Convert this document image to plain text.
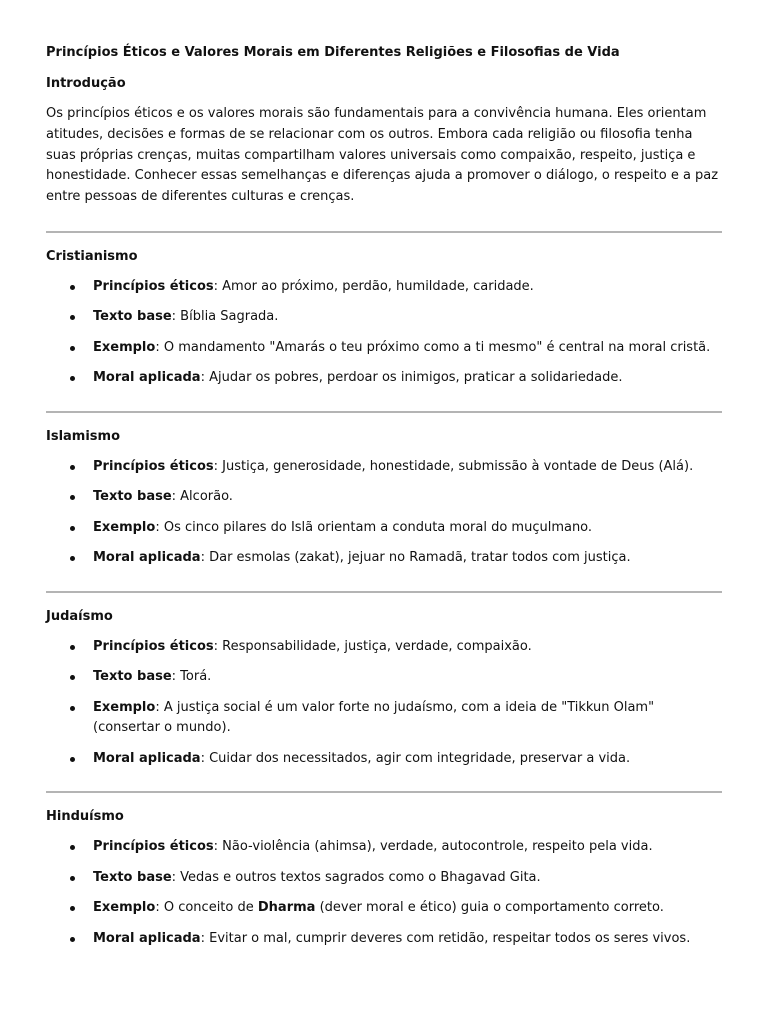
Princípios Éticos e Valores Morais em Diferentes Religiões e Filosofias de Vida
Introdução

Os princípios éticos e os valores morais são fundamentais para a convivência humana. Eles orientam atitudes, decisões e formas de se relacionar com os outros. Embora cada religião ou filosofia tenha suas próprias crenças, muitas compartilham valores universais como compaixão, respeito, justiça e honestidade. Conhecer essas semelhanças e diferenças ajuda a promover o diálogo, o respeito e a paz entre pessoas de diferentes culturas e crenças.

Cristianismo
Princípios éticos: Amor ao próximo, perdão, humildade, caridade.
Texto base: Bíblia Sagrada.
Exemplo: O mandamento "Amarás o teu próximo como a ti mesmo" é central na moral cristã.
Moral aplicada: Ajudar os pobres, perdoar os inimigos, praticar a solidariedade.
Islamismo
Princípios éticos: Justiça, generosidade, honestidade, submissão à vontade de Deus (Alá).
Texto base: Alcorão.
Exemplo: Os cinco pilares do Islã orientam a conduta moral do muçulmano.
Moral aplicada: Dar esmolas (zakat), jejuar no Ramadã, tratar todos com justiça.
Judaísmo
Princípios éticos: Responsabilidade, justiça, verdade, compaixão.
Texto base: Torá.
Exemplo: A justiça social é um valor forte no judaísmo, com a ideia de "Tikkun Olam" (consertar o mundo).
Moral aplicada: Cuidar dos necessitados, agir com integridade, preservar a vida.
Hinduísmo
Princípios éticos: Não-violência (ahimsa), verdade, autocontrole, respeito pela vida.
Texto base: Vedas e outros textos sagrados como o Bhagavad Gita.
Exemplo: O conceito de Dharma (dever moral e ético) guia o comportamento correto.
Moral aplicada: Evitar o mal, cumprir deveres com retidão, respeitar todos os seres vivos.
